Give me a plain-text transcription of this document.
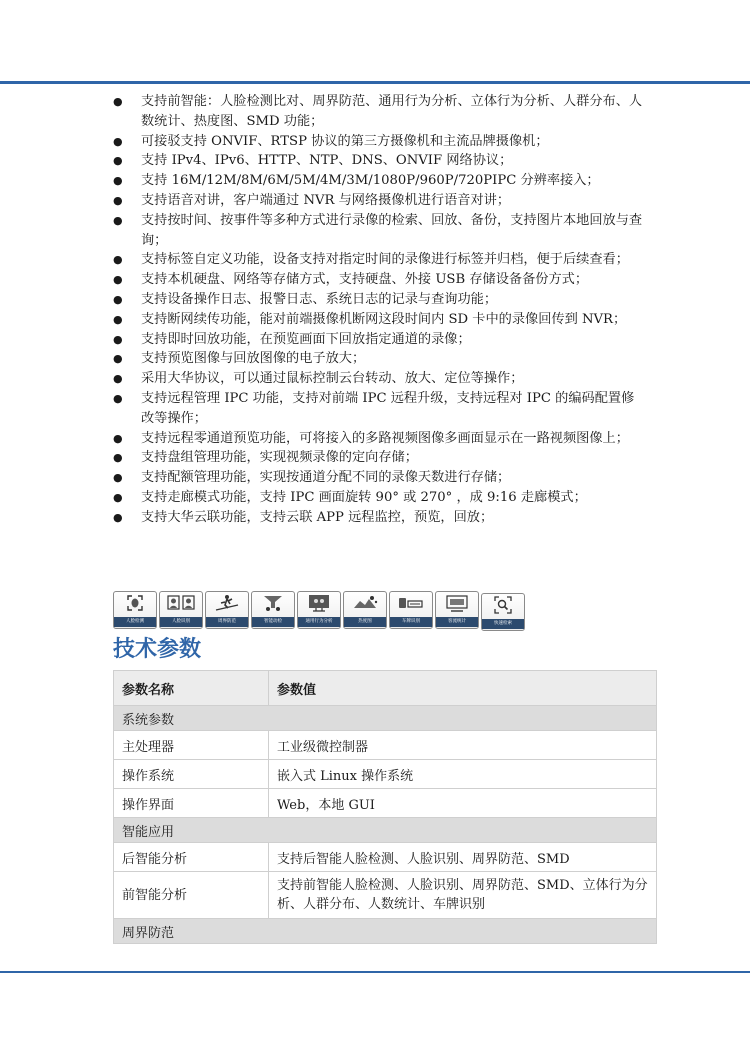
● 支持前智能：人脸检测比对、周界防范、通用行为分析、立体行为分析、人群分布、人数统计、热度图、SMD 功能；
● 可接驳支持 ONVIF、RTSP 协议的第三方摄像机和主流品牌摄像机；
● 支持 IPv4、IPv6、HTTP、NTP、DNS、ONVIF 网络协议；
● 支持 16M/12M/8M/6M/5M/4M/3M/1080P/960P/720PIPC 分辨率接入；
● 支持语音对讲，客户端通过 NVR 与网络摄像机进行语音对讲；
● 支持按时间、按事件等多种方式进行录像的检索、回放、备份，支持图片本地回放与查询；
● 支持标签自定义功能，设备支持对指定时间的录像进行标签并归档，便于后续查看；
● 支持本机硬盘、网络等存储方式，支持硬盘、外接 USB 存储设备备份方式；
● 支持设备操作日志、报警日志、系统日志的记录与查询功能；
● 支持断网续传功能，能对前端摄像机断网这段时间内 SD 卡中的录像回传到 NVR；
● 支持即时回放功能，在预览画面下回放指定通道的录像；
● 支持预览图像与回放图像的电子放大；
● 采用大华协议，可以通过鼠标控制云台转动、放大、定位等操作；
● 支持远程管理 IPC 功能，支持对前端 IPC 远程升级，支持远程对 IPC 的编码配置修改等操作；
● 支持远程零通道预览功能，可将接入的多路视频图像多画面显示在一路视频图像上；
● 支持盘组管理功能，实现视频录像的定向存储；
● 支持配额管理功能，实现按通道分配不同的录像天数进行存储；
● 支持走廊模式功能，支持 IPC 画面旋转 90° 或 270° ，成 9:16 走廊模式；
● 支持大华云联功能，支持云联 APP 远程监控，预览，回放；
人脸检测	人脸识别	周界防范	智能动检	通用行为分析	热度图	车牌识别	客流统计	快速检索
技术参数
参数名称	参数值
系统参数	
主处理器	工业级微控制器
操作系统	嵌入式 Linux 操作系统
操作界面	Web，本地 GUI
智能应用	
后智能分析	支持后智能人脸检测、人脸识别、周界防范、SMD
前智能分析	支持前智能人脸检测、人脸识别、周界防范、SMD、立体行为分析、人群分布、人数统计、车牌识别
周界防范	
